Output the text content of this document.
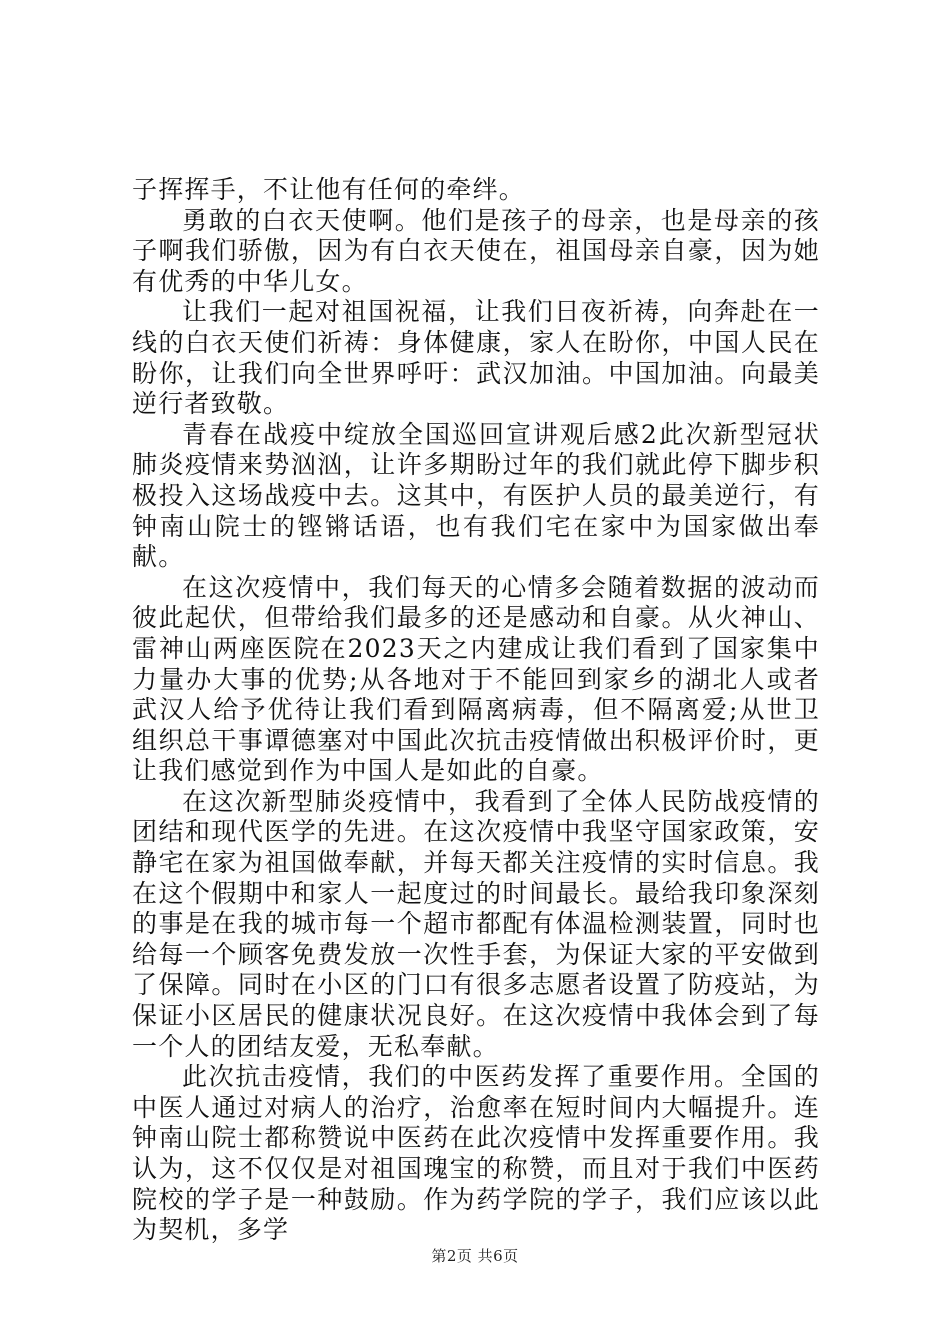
子挥挥手，不让他有任何的牵绊。

勇敢的白衣天使啊。他们是孩子的母亲，也是母亲的孩子啊我们骄傲，因为有白衣天使在，祖国母亲自豪，因为她有优秀的中华儿女。

让我们一起对祖国祝福，让我们日夜祈祷，向奔赴在一线的白衣天使们祈祷：身体健康，家人在盼你，中国人民在盼你，让我们向全世界呼吁：武汉加油。中国加油。向最美逆行者致敬。

青春在战疫中绽放全国巡回宣讲观后感2此次新型冠状肺炎疫情来势汹汹，让许多期盼过年的我们就此停下脚步积极投入这场战疫中去。这其中，有医护人员的最美逆行，有钟南山院士的铿锵话语，也有我们宅在家中为国家做出奉献。

在这次疫情中，我们每天的心情多会随着数据的波动而彼此起伏，但带给我们最多的还是感动和自豪。从火神山、雷神山两座医院在2023天之内建成让我们看到了国家集中力量办大事的优势;从各地对于不能回到家乡的湖北人或者武汉人给予优待让我们看到隔离病毒，但不隔离爱;从世卫组织总干事谭德塞对中国此次抗击疫情做出积极评价时，更让我们感觉到作为中国人是如此的自豪。

在这次新型肺炎疫情中，我看到了全体人民防战疫情的团结和现代医学的先进。在这次疫情中我坚守国家政策，安静宅在家为祖国做奉献，并每天都关注疫情的实时信息。我在这个假期中和家人一起度过的时间最长。最给我印象深刻的事是在我的城市每一个超市都配有体温检测装置，同时也给每一个顾客免费发放一次性手套，为保证大家的平安做到了保障。同时在小区的门口有很多志愿者设置了防疫站，为保证小区居民的健康状况良好。在这次疫情中我体会到了每一个人的团结友爱，无私奉献。

此次抗击疫情，我们的中医药发挥了重要作用。全国的中医人通过对病人的治疗，治愈率在短时间内大幅提升。连钟南山院士都称赞说中医药在此次疫情中发挥重要作用。我认为，这不仅仅是对祖国瑰宝的称赞，而且对于我们中医药院校的学子是一种鼓励。作为药学院的学子，我们应该以此为契机，多学

第2页 共6页
